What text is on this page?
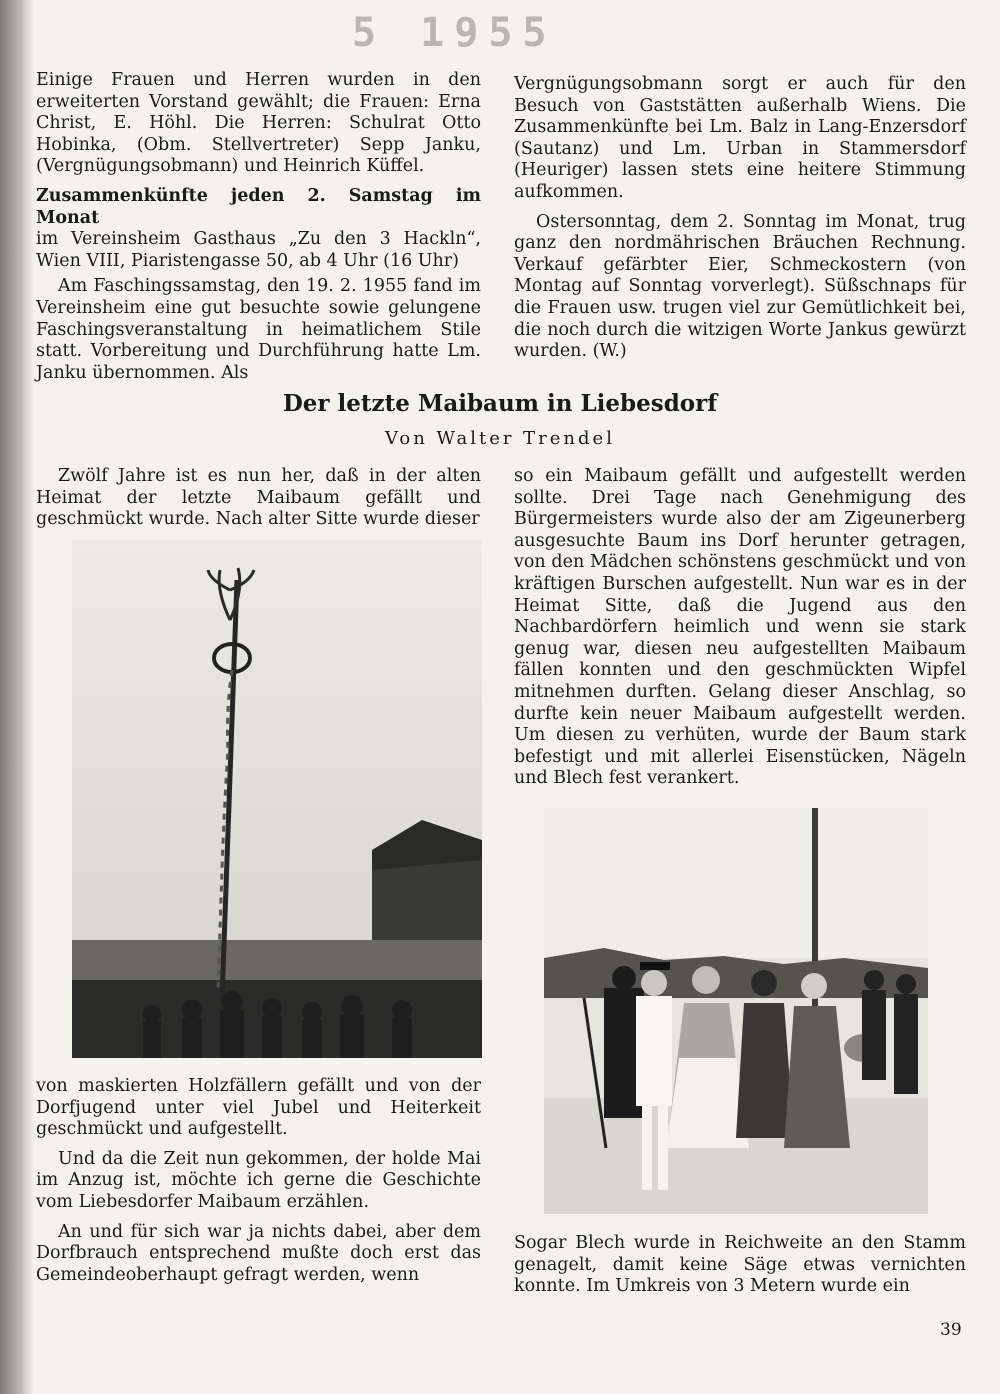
5 1955

Einige Frauen und Herren wurden in den erweiterten Vorstand gewählt; die Frauen: Erna Christ, E. Höhl. Die Herren: Schulrat Otto Hobinka, (Obm. Stellvertreter) Sepp Janku, (Vergnügungsobmann) und Heinrich Küffel.

Zusammenkünfte jeden 2. Samstag im Monat

im Vereinsheim Gasthaus „Zu den 3 Hackln“, Wien VIII, Piaristengasse 50, ab 4 Uhr (16 Uhr)

Am Faschingssamstag, den 19. 2. 1955 fand im Vereinsheim eine gut besuchte sowie gelungene Faschingsveranstaltung in heimatlichem Stile statt. Vorbereitung und Durchführung hatte Lm. Janku übernommen. Als

Vergnügungsobmann sorgt er auch für den Besuch von Gaststätten außerhalb Wiens. Die Zusammenkünfte bei Lm. Balz in Lang-Enzersdorf (Sautanz) und Lm. Urban in Stammersdorf (Heuriger) lassen stets eine heitere Stimmung aufkommen.

Ostersonntag, dem 2. Sonntag im Monat, trug ganz den nordmährischen Bräuchen Rechnung. Verkauf gefärbter Eier, Schmeckostern (von Montag auf Sonntag vorverlegt). Süßschnaps für die Frauen usw. trugen viel zur Gemütlichkeit bei, die noch durch die witzigen Worte Jankus gewürzt wurden. (W.)

Der letzte Maibaum in Liebesdorf
Von Walter Trendel

Zwölf Jahre ist es nun her, daß in der alten Heimat der letzte Maibaum gefällt und geschmückt wurde. Nach alter Sitte wurde dieser

von maskierten Holzfällern gefällt und von der Dorfjugend unter viel Jubel und Heiterkeit geschmückt und aufgestellt.

Und da die Zeit nun gekommen, der holde Mai im Anzug ist, möchte ich gerne die Geschichte vom Liebesdorfer Maibaum erzählen.

An und für sich war ja nichts dabei, aber dem Dorfbrauch entsprechend mußte doch erst das Gemeindeoberhaupt gefragt werden, wenn

so ein Maibaum gefällt und aufgestellt werden sollte. Drei Tage nach Genehmigung des Bürgermeisters wurde also der am Zigeunerberg ausgesuchte Baum ins Dorf herunter getragen, von den Mädchen schönstens geschmückt und von kräftigen Burschen aufgestellt. Nun war es in der Heimat Sitte, daß die Jugend aus den Nachbardörfern heimlich und wenn sie stark genug war, diesen neu aufgestellten Maibaum fällen konnten und den geschmückten Wipfel mitnehmen durften. Gelang dieser Anschlag, so durfte kein neuer Maibaum aufgestellt werden. Um diesen zu verhüten, wurde der Baum stark befestigt und mit allerlei Eisenstücken, Nägeln und Blech fest verankert.

Sogar Blech wurde in Reichweite an den Stamm genagelt, damit keine Säge etwas vernichten konnte. Im Umkreis von 3 Metern wurde ein
39
